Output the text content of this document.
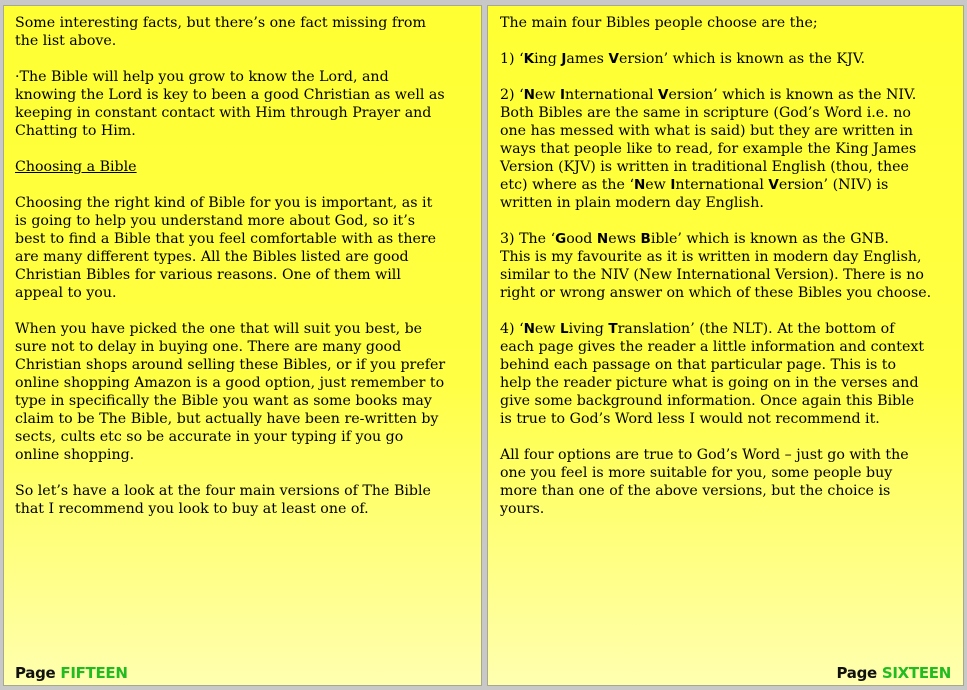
Some interesting facts, but there’s one fact missing from
the list above.

·The Bible will help you grow to know the Lord, and
knowing the Lord is key to been a good Christian as well as
keeping in constant contact with Him through Prayer and
Chatting to Him.

Choosing a Bible

Choosing the right kind of Bible for you is important, as it
is going to help you understand more about God, so it’s
best to find a Bible that you feel comfortable with as there
are many different types. All the Bibles listed are good
Christian Bibles for various reasons. One of them will
appeal to you.

When you have picked the one that will suit you best, be
sure not to delay in buying one. There are many good
Christian shops around selling these Bibles, or if you prefer
online shopping Amazon is a good option, just remember to
type in specifically the Bible you want as some books may
claim to be The Bible, but actually have been re-written by
sects, cults etc so be accurate in your typing if you go
online shopping.

So let’s have a look at the four main versions of The Bible
that I recommend you look to buy at least one of.

Page FIFTEEN

The main four Bibles people choose are the;

1) ‘King James Version’ which is known as the KJV.

2) ‘New International Version’ which is known as the NIV.
Both Bibles are the same in scripture (God’s Word i.e. no
one has messed with what is said) but they are written in
ways that people like to read, for example the King James
Version (KJV) is written in traditional English (thou, thee
etc) where as the ‘New International Version’ (NIV) is
written in plain modern day English.

3) The ‘Good News Bible’ which is known as the GNB.
This is my favourite as it is written in modern day English,
similar to the NIV (New International Version). There is no
right or wrong answer on which of these Bibles you choose.

4) ‘New Living Translation’ (the NLT). At the bottom of
each page gives the reader a little information and context
behind each passage on that particular page. This is to
help the reader picture what is going on in the verses and
give some background information. Once again this Bible
is true to God’s Word less I would not recommend it.

All four options are true to God’s Word – just go with the
one you feel is more suitable for you, some people buy
more than one of the above versions, but the choice is
yours.

Page SIXTEEN
